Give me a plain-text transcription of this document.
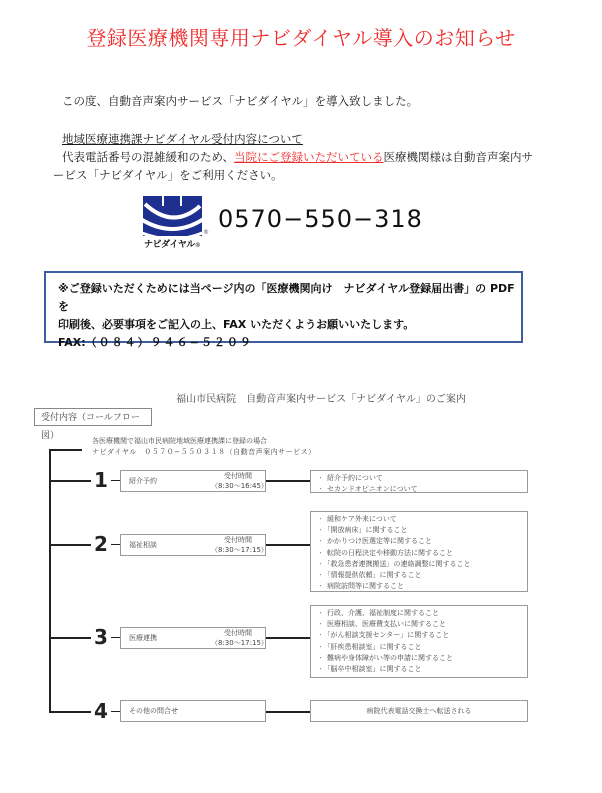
登録医療機関専用ナビダイヤル導入のお知らせ
この度、自動音声案内サービス「ナビダイヤル」を導入致しました。
地域医療連携課ナビダイヤル受付内容について
代表電話番号の混雑緩和のため、当院にご登録いただいている医療機関様は自動音声案内サ
ービス「ナビダイヤル」をご利用ください。
®
ナビダイヤル®
0570−550−318
※ご登録いただくためには当ページ内の「医療機関向け　ナビダイヤル登録届出書」の PDF を
印刷後、必要事項をご記入の上、FAX いただくようお願いいたします。
FAX:（０８４）９４６−５２０９
福山市民病院　自動音声案内サービス「ナビダイヤル」のご案内
受付内容（コールフロー図）	各医療機関で福山市民病院地域医療連携課に登録の場合
ナビダイヤル　０５７０−５５０３１８（自動音声案内サービス）
1	紹介予約
受付時間
（8:30〜16:45）
・ 紹介予約について
・ セカンドオピニオンについて
2	福祉相談
受付時間
（8:30〜17:15）
・ 緩和ケア外来について
・ 「開放病床」に関すること
・ かかりつけ医選定等に関すること
・ 転院の日程決定や移動方法に関すること
・ 「救急患者連携搬送」の連絡調整に関すること
・ 「情報提供依頼」に関すること
・ 病院訪問等に関すること
3	医療連携
受付時間
（8:30〜17:15）
・ 行政、介護、福祉制度に関すること
・ 医療相談、医療費支払いに関すること
・ 「がん相談支援センター」に関すること
・ 「肝疾患相談室」に関すること
・ 難病や身体障がい等の申請に関すること
・ 「脳卒中相談室」に関すること
4	その他の問合せ	病院代表電話交換士へ転送される
